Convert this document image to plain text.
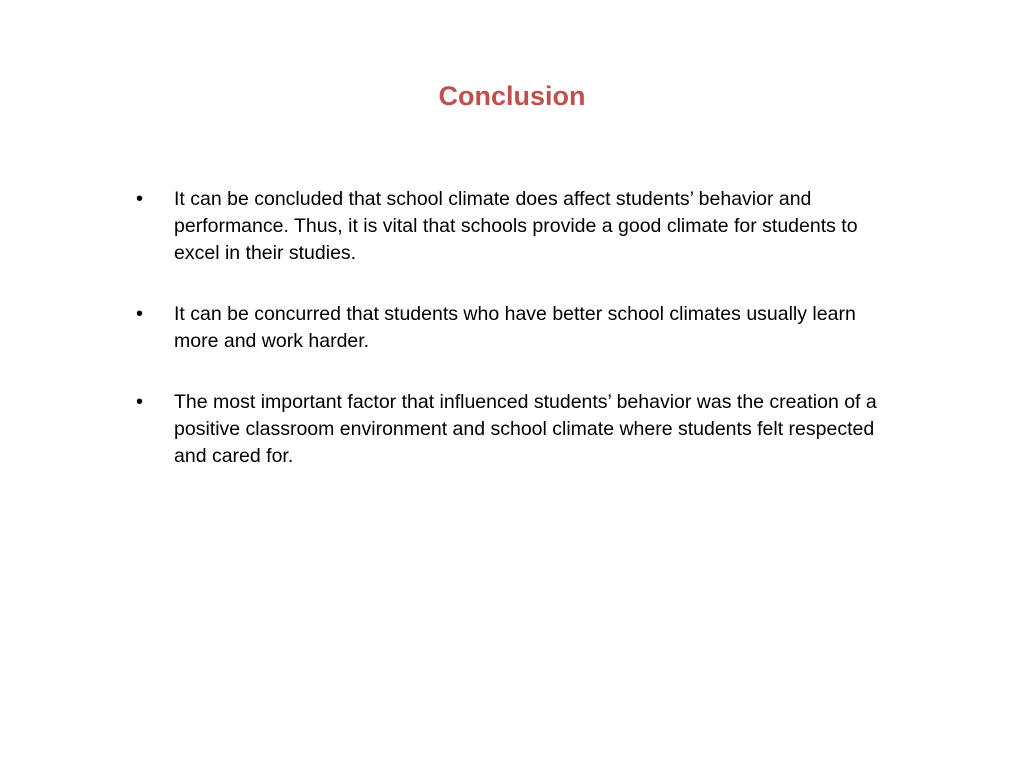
Conclusion
•	It can be concluded that school climate does affect students’ behavior and performance. Thus, it is vital that schools provide a good climate for students to excel in their studies.
•	It can be concurred that students who have better school climates usually learn more and work harder.
•	The most important factor that influenced students’ behavior was the creation of a positive classroom environment and school climate where students felt respected and cared for.
